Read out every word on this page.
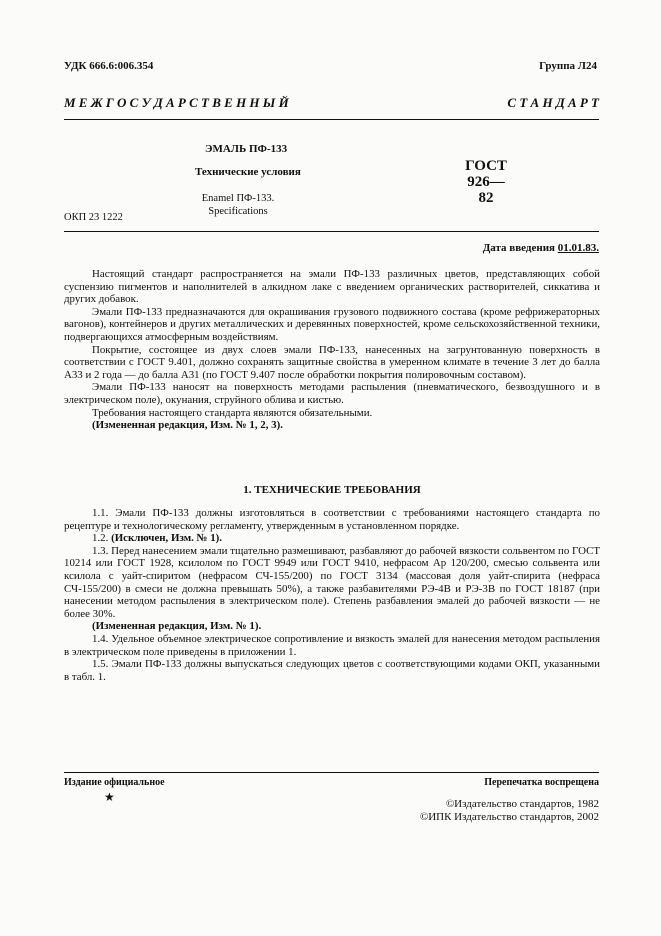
УДК 666.6:006.354	Группа Л24
М Е Ж Г О С У Д А Р С Т В Е Н Н Ы Й	С Т А Н Д А Р Т
ЭМАЛЬ ПФ-133
Технические условия
Enamel ПФ-133.
Specifications
ГОСТ
926—82
ОКП 23 1222
Дата введения 01.01.83.

Настоящий стандарт распространяется на эмали ПФ-133 различных цветов, представляющих собой суспензию пигментов и наполнителей в алкидном лаке с введением органических растворителей, сиккатива и других добавок.

Эмали ПФ-133 предназначаются для окрашивания грузового подвижного состава (кроме рефрижераторных вагонов), контейнеров и других металлических и деревянных поверхностей, кроме сельскохозяйственной техники, подвергающихся атмосферным воздействиям.

Покрытие, состоящее из двух слоев эмали ПФ-133, нанесенных на загрунтованную поверхность в соответствии с ГОСТ 9.401, должно сохранять защитные свойства в умеренном климате в течение 3 лет до балла А33 и 2 года — до балла А31 (по ГОСТ 9.407 после обработки покрытия полировочным составом).

Эмали ПФ-133 наносят на поверхность методами распыления (пневматического, безвоздушного и в электрическом поле), окунания, струйного облива и кистью.

Требования настоящего стандарта являются обязательными.

(Измененная редакция, Изм. № 1, 2, 3).

1. ТЕХНИЧЕСКИЕ ТРЕБОВАНИЯ

1.1. Эмали ПФ-133 должны изготовляться в соответствии с требованиями настоящего стандарта по рецептуре и технологическому регламенту, утвержденным в установленном порядке.

1.2. (Исключен, Изм. № 1).

1.3. Перед нанесением эмали тщательно размешивают, разбавляют до рабочей вязкости сольвентом по ГОСТ 10214 или ГОСТ 1928, ксилолом по ГОСТ 9949 или ГОСТ 9410, нефрасом Ар 120/200, смесью сольвента или ксилола с уайт-спиритом (нефрасом СЧ-155/200) по ГОСТ 3134 (массовая доля уайт-спирита (нефраса СЧ-155/200) в смеси не должна превышать 50%), а также разбавителями РЭ-4В и РЭ-3В по ГОСТ 18187 (при нанесении методом распыления в электрическом поле). Степень разбавления эмалей до рабочей вязкости — не более 30%.

(Измененная редакция, Изм. № 1).

1.4. Удельное объемное электрическое сопротивление и вязкость эмалей для нанесения методом распыления в электрическом поле приведены в приложении 1.

1.5. Эмали ПФ-133 должны выпускаться следующих цветов с соответствующими кодами ОКП, указанными в табл. 1.

Издание официальное	Перепечатка воспрещена
★	©Издательство стандартов, 1982
©ИПК Издательство стандартов, 2002
